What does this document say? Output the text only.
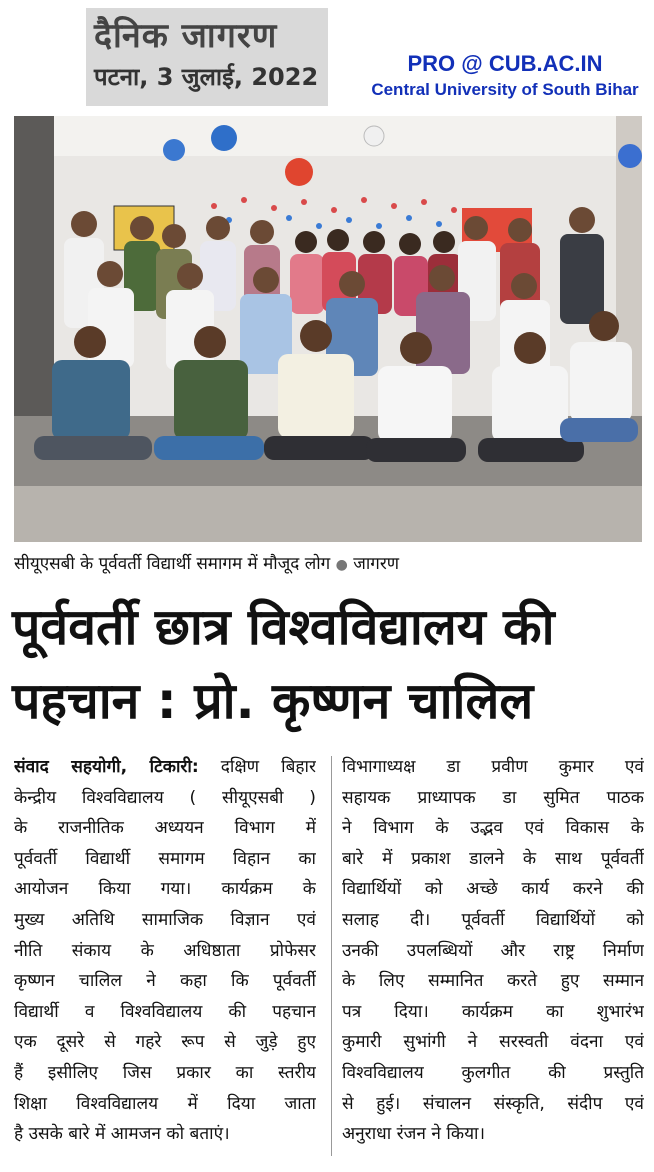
दैनिक जागरण
पटना, 3 जुलाई, 2022	PRO @ CUB.AC.IN
Central University of South Bihar
सीयूएसबी के पूर्ववर्ती विद्यार्थी समागम में मौजूद लोग ● जागरण
पूर्ववर्ती छात्र विश्वविद्यालय की
पहचान : प्रो. कृष्णन चालिल
संवाद सहयोगी, टिकारी: दक्षिण बिहार
केन्द्रीय विश्वविद्यालय ( सीयूएसबी )
के राजनीतिक अध्ययन विभाग में
पूर्ववर्ती विद्यार्थी समागम विहान का
आयोजन किया गया। कार्यक्रम के
मुख्य अतिथि सामाजिक विज्ञान एवं
नीति संकाय के अधिष्ठाता प्रोफेसर
कृष्णन चालिल ने कहा कि पूर्ववर्ती
विद्यार्थी व विश्वविद्यालय की पहचान
एक दूसरे से गहरे रूप से जुड़े हुए
हैं इसीलिए जिस प्रकार का स्तरीय
शिक्षा विश्वविद्यालय में दिया जाता
है उसके बारे में आमजन को बताएं।
विभागाध्यक्ष डा प्रवीण कुमार एवं
सहायक प्राध्यापक डा सुमित पाठक
ने विभाग के उद्भव एवं विकास के
बारे में प्रकाश डालने के साथ पूर्ववर्ती
विद्यार्थियों को अच्छे कार्य करने की
सलाह दी। पूर्ववर्ती विद्यार्थियों को
उनकी उपलब्धियों और राष्ट्र निर्माण
के लिए सम्मानित करते हुए सम्मान
पत्र दिया। कार्यक्रम का शुभारंभ
कुमारी सुभांगी ने सरस्वती वंदना एवं
विश्वविद्यालय कुलगीत की प्रस्तुति
से हुई। संचालन संस्कृति, संदीप एवं
अनुराधा रंजन ने किया।
